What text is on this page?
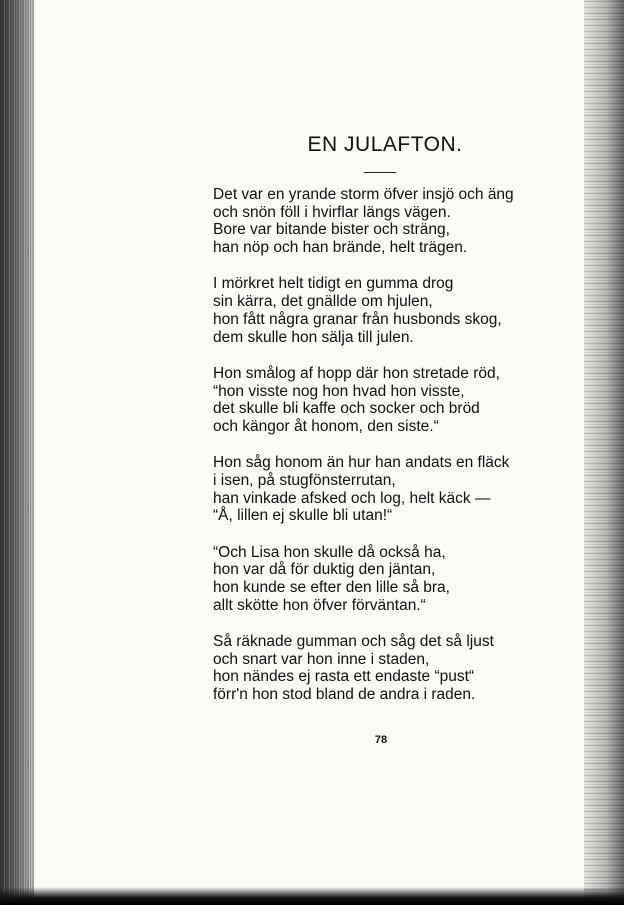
EN JULAFTON.
Det var en yrande storm öfver insjö och äng
och snön föll i hvirflar längs vägen.
Bore var bitande bister och sträng,
han nöp och han brände, helt trägen.
I mörkret helt tidigt en gumma drog
sin kärra, det gnällde om hjulen,
hon fått några granar från husbonds skog,
dem skulle hon sälja till julen.
Hon smålog af hopp där hon stretade röd,
“hon visste nog hon hvad hon visste,
det skulle bli kaffe och socker och bröd
och kängor åt honom, den siste.“
Hon såg honom än hur han andats en fläck
i isen, på stugfönsterrutan,
han vinkade afsked och log, helt käck —
“Å, lillen ej skulle bli utan!“
“Och Lisa hon skulle då också ha,
hon var då för duktig den jäntan,
hon kunde se efter den lille så bra,
allt skötte hon öfver förväntan.“
Så räknade gumman och såg det så ljust
och snart var hon inne i staden,
hon nändes ej rasta ett endaste “pust“
förr'n hon stod bland de andra i raden.
78
